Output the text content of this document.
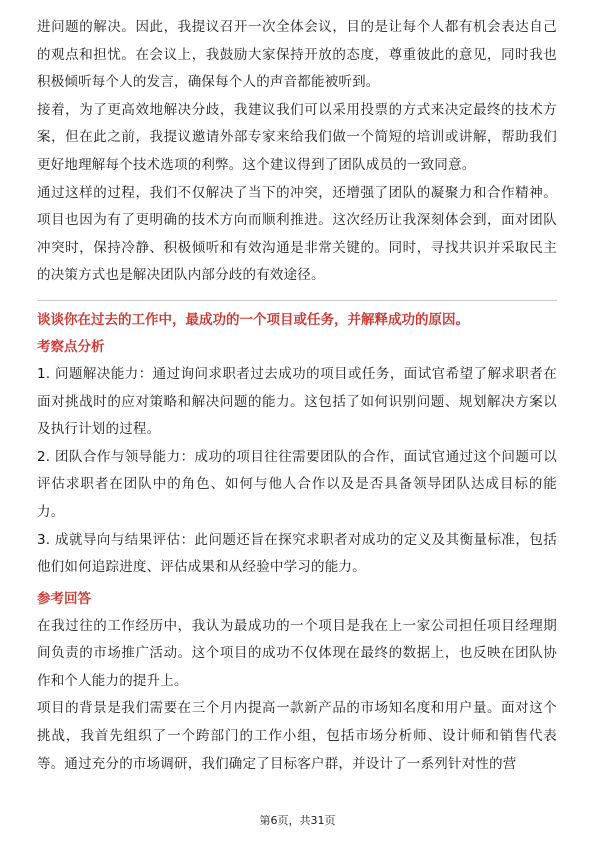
进问题的解决。因此，我提议召开一次全体会议，目的是让每个人都有机会表达自己的观点和担忧。在会议上，我鼓励大家保持开放的态度，尊重彼此的意见，同时我也积极倾听每个人的发言，确保每个人的声音都能被听到。

接着，为了更高效地解决分歧，我建议我们可以采用投票的方式来决定最终的技术方案，但在此之前，我提议邀请外部专家来给我们做一个简短的培训或讲解，帮助我们更好地理解每个技术选项的利弊。这个建议得到了团队成员的一致同意。

通过这样的过程，我们不仅解决了当下的冲突，还增强了团队的凝聚力和合作精神。项目也因为有了更明确的技术方向而顺利推进。这次经历让我深刻体会到，面对团队冲突时，保持冷静、积极倾听和有效沟通是非常关键的。同时，寻找共识并采取民主的决策方式也是解决团队内部分歧的有效途径。

谈谈你在过去的工作中，最成功的一个项目或任务，并解释成功的原因。

考察点分析

1. 问题解决能力：通过询问求职者过去成功的项目或任务，面试官希望了解求职者在面对挑战时的应对策略和解决问题的能力。这包括了如何识别问题、规划解决方案以及执行计划的过程。

2. 团队合作与领导能力：成功的项目往往需要团队的合作，面试官通过这个问题可以评估求职者在团队中的角色、如何与他人合作以及是否具备领导团队达成目标的能力。

3. 成就导向与结果评估：此问题还旨在探究求职者对成功的定义及其衡量标准，包括他们如何追踪进度、评估成果和从经验中学习的能力。

参考回答

在我过往的工作经历中，我认为最成功的一个项目是我在上一家公司担任项目经理期间负责的市场推广活动。这个项目的成功不仅体现在最终的数据上，也反映在团队协作和个人能力的提升上。

项目的背景是我们需要在三个月内提高一款新产品的市场知名度和用户量。面对这个挑战，我首先组织了一个跨部门的工作小组，包括市场分析师、设计师和销售代表等。通过充分的市场调研，我们确定了目标客户群，并设计了一系列针对性的营

第6页，共31页
